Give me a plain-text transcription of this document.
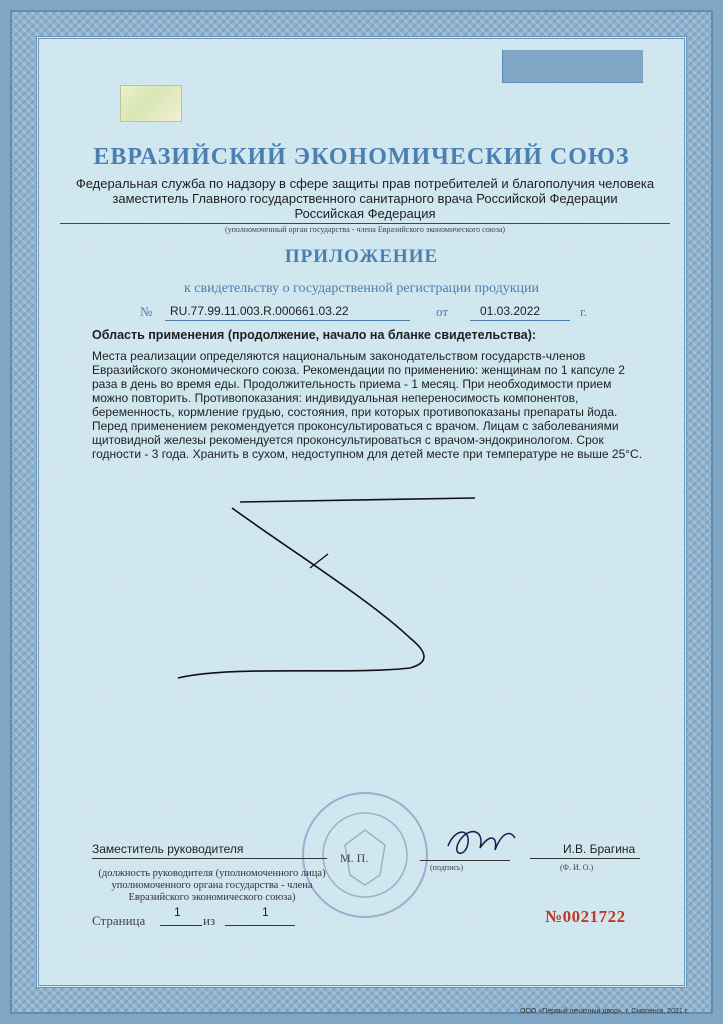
ЕВРАЗИЙСКИЙ ЭКОНОМИЧЕСКИЙ СОЮЗ
Федеральная служба по надзору в сфере защиты прав потребителей и благополучия человека
заместитель Главного государственного санитарного врача Российской Федерации
Российская Федерация
(уполномоченный орган государства - члена Евразийского экономического союза)
ПРИЛОЖЕНИЕ
к свидетельству о государственной регистрации продукции
№ RU.77.99.11.003.R.000661.03.22	от	01.03.2022	г.
Область применения (продолжение, начало на бланке свидетельства):
Места реализации определяются национальным законодательством государств-членов
Евразийского экономического союза. Рекомендации по применению: женщинам по 1 капсуле 2
раза в день во время еды. Продолжительность приема - 1 месяц. При необходимости прием
можно повторить. Противопоказания: индивидуальная непереносимость компонентов,
беременность, кормление грудью, состояния, при которых противопоказаны препараты йода.
Перед применением рекомендуется проконсультироваться с врачом. Лицам с заболеваниями
щитовидной железы рекомендуется проконсультироваться с врачом-эндокринологом. Срок
годности - 3 года. Хранить в сухом, недоступном для детей месте при температуре не выше 25°С.
Заместитель руководителя
М. П.
(подпись)
И.В. Брагина
(Ф. И. О.)
(должность руководителя (уполномоченного лица) уполномоченного органа государства - члена Евразийского экономического союза)
Страница
1
из
1	№0021722
ООО «Первый печатный двор», г. Смоленск, 2021 г.
